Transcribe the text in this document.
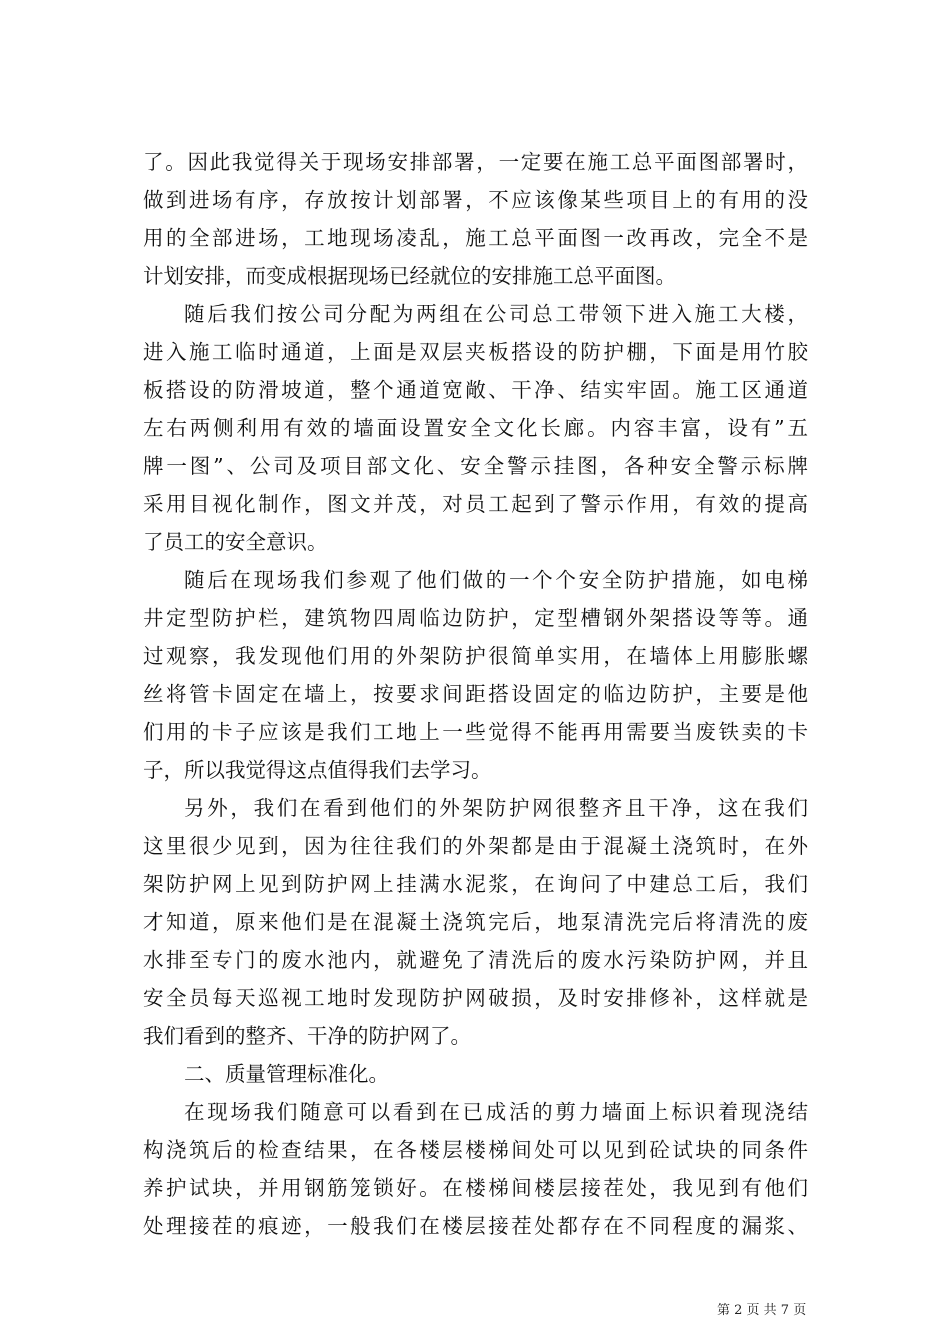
了。因此我觉得关于现场安排部署，一定要在施工总平面图部署时，
做到进场有序，存放按计划部署，不应该像某些项目上的有用的没
用的全部进场，工地现场凌乱，施工总平面图一改再改，完全不是
计划安排，而变成根据现场已经就位的安排施工总平面图。
随后我们按公司分配为两组在公司总工带领下进入施工大楼，
进入施工临时通道，上面是双层夹板搭设的防护棚，下面是用竹胶
板搭设的防滑坡道，整个通道宽敞、干净、结实牢固。施工区通道
左右两侧利用有效的墙面设置安全文化长廊。内容丰富，设有”五
牌一图”、公司及项目部文化、安全警示挂图，各种安全警示标牌
采用目视化制作，图文并茂，对员工起到了警示作用，有效的提高
了员工的安全意识。
随后在现场我们参观了他们做的一个个安全防护措施，如电梯
井定型防护栏，建筑物四周临边防护，定型槽钢外架搭设等等。通
过观察，我发现他们用的外架防护很简单实用，在墙体上用膨胀螺
丝将管卡固定在墙上，按要求间距搭设固定的临边防护，主要是他
们用的卡子应该是我们工地上一些觉得不能再用需要当废铁卖的卡
子，所以我觉得这点值得我们去学习。
另外，我们在看到他们的外架防护网很整齐且干净，这在我们
这里很少见到，因为往往我们的外架都是由于混凝土浇筑时，在外
架防护网上见到防护网上挂满水泥浆，在询问了中建总工后，我们
才知道，原来他们是在混凝土浇筑完后，地泵清洗完后将清洗的废
水排至专门的废水池内，就避免了清洗后的废水污染防护网，并且
安全员每天巡视工地时发现防护网破损，及时安排修补，这样就是
我们看到的整齐、干净的防护网了。
二、质量管理标准化。
在现场我们随意可以看到在已成活的剪力墙面上标识着现浇结
构浇筑后的检查结果，在各楼层楼梯间处可以见到砼试块的同条件
养护试块，并用钢筋笼锁好。在楼梯间楼层接茬处，我见到有他们
处理接茬的痕迹，一般我们在楼层接茬处都存在不同程度的漏浆、
第 2 页 共 7 页
